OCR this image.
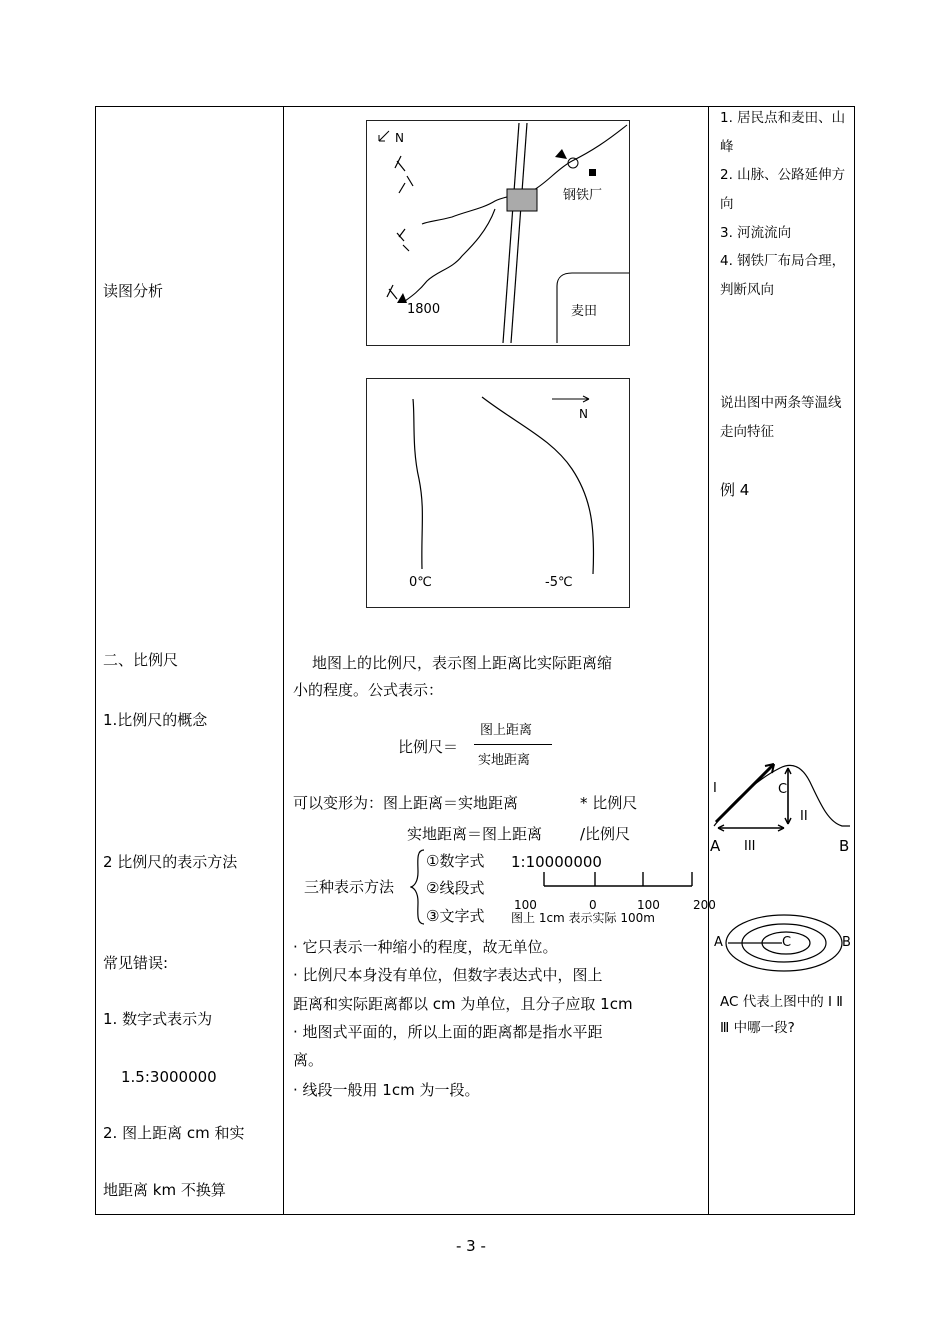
读图分析
二、比例尺
1.比例尺的概念
2 比例尺的表示方法
常见错误:
1. 数字式表示为
1.5:3000000
2. 图上距离 cm 和实
地距离 km 不换算
N
钢铁厂
麦田
1800
N
0℃	-5℃
地图上的比例尺，表示图上距离比实际距离缩
小的程度。公式表示：
比例尺＝
图上距离
实地距离
可以变形为：图上距离＝实地距离	* 比例尺
实地距离＝图上距离	/比例尺
三种表示方法
①数字式 1:10000000
②线段式
③文字式 图上 1cm 表示实际 100m
100	0	100	200
· 它只表示一种缩小的程度，故无单位。
· 比例尺本身没有单位，但数字表达式中，图上
距离和实际距离都以 cm 为单位，且分子应取 1cm
· 地图式平面的，所以上面的距离都是指水平距
离。
· 线段一般用 1cm 为一段。
1. 居民点和麦田、山峰
2. 山脉、公路延伸方向
3. 河流流向
4. 钢铁厂布局合理，判断风向
说出图中两条等温线走向特征
例 4
I	C
II
A III	B
A	C	B
AC 代表上图中的 Ⅰ Ⅱ Ⅲ 中哪一段?
- 3 -
